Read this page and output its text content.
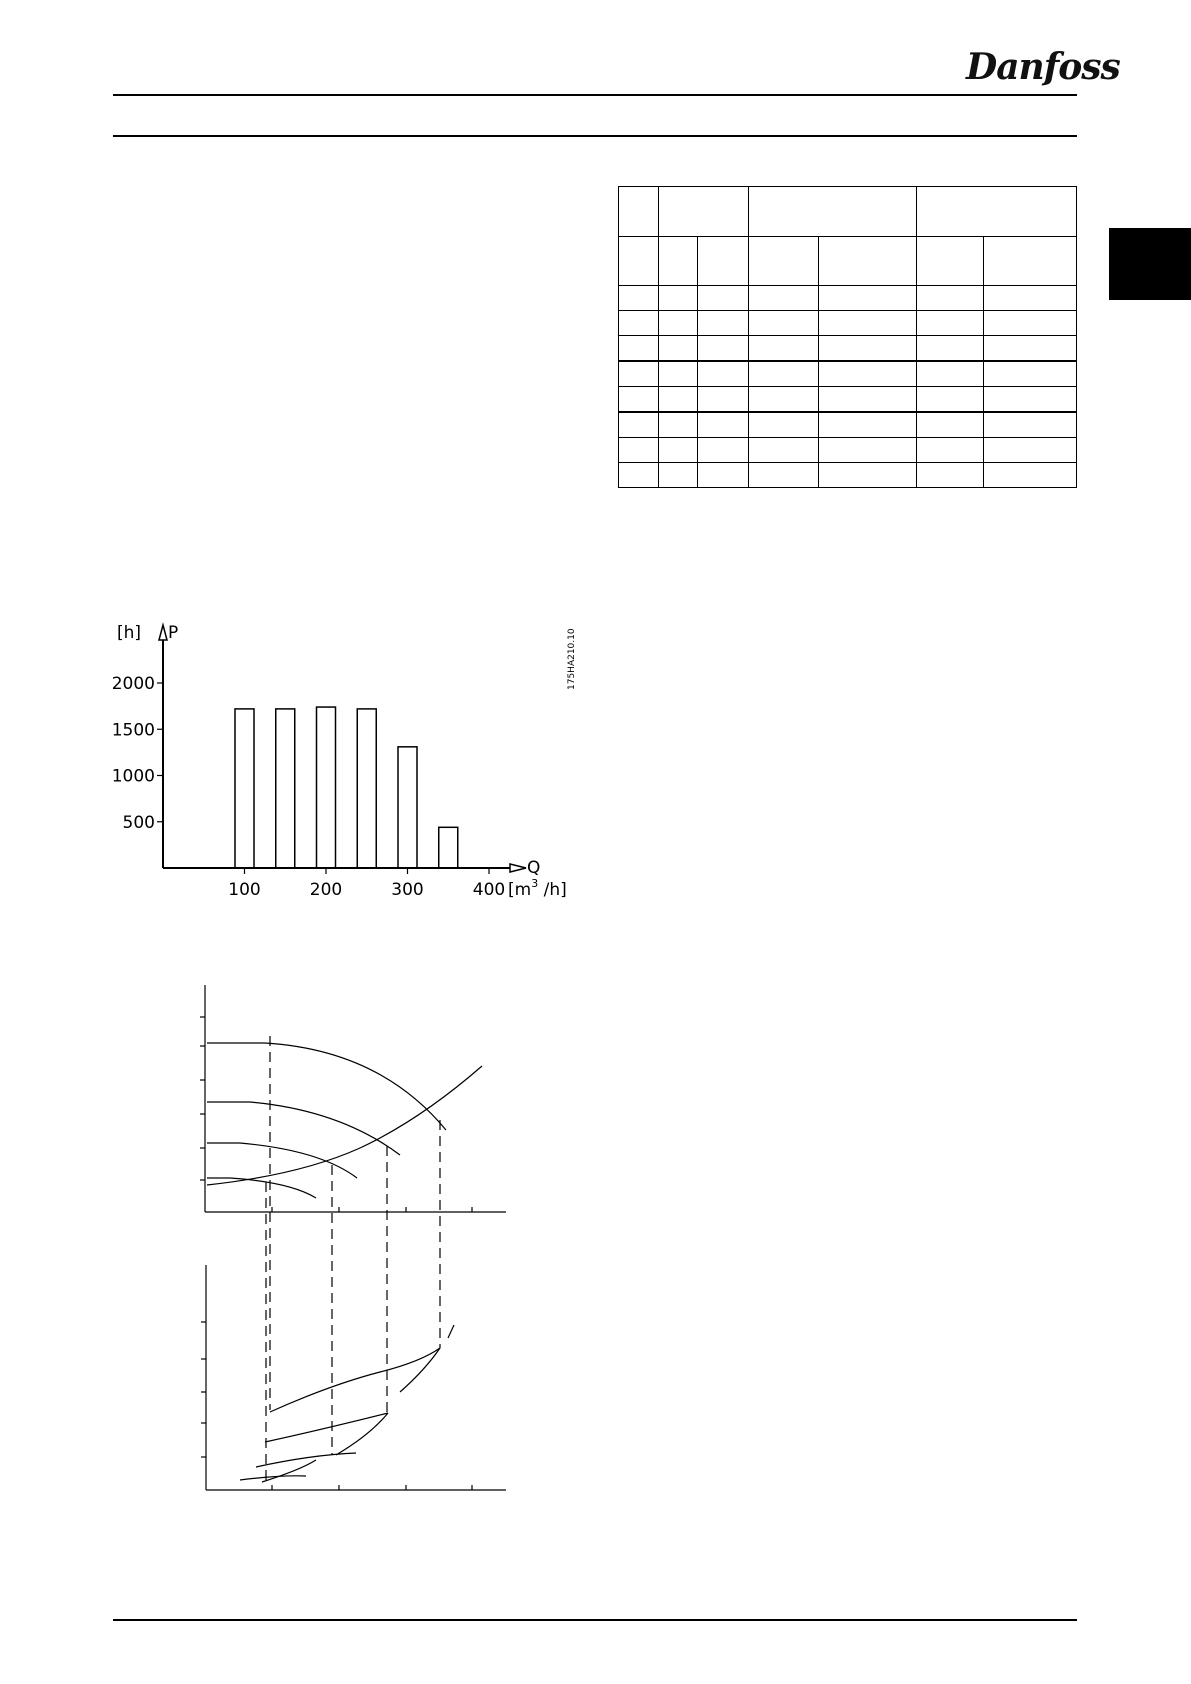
Danfoss

500
1000
1500
2000
100	200	300	400
[h] P
Q
[$m^3$ /h]
175HA210.10
